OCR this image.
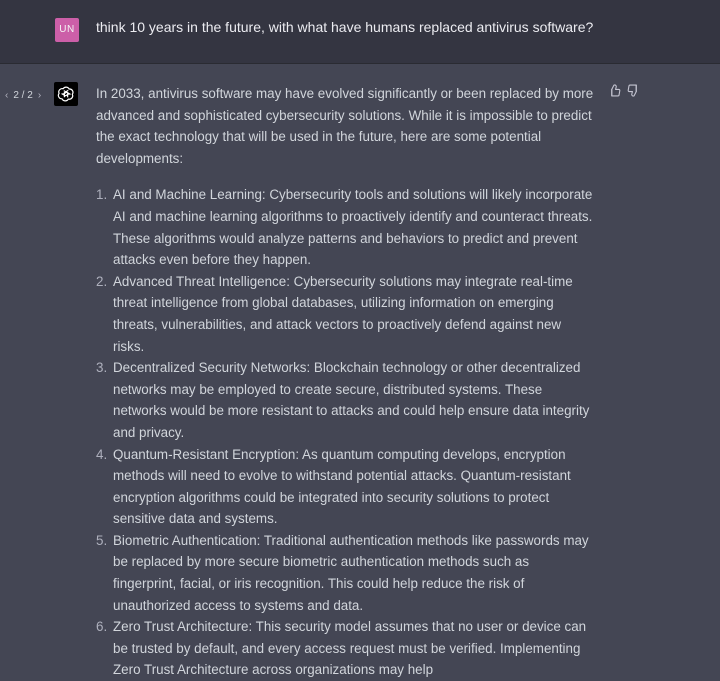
UN	think 10 years in the future, with what have humans replaced antivirus software?
‹ 2 / 2 ›	In 2033, antivirus software may have evolved significantly or been replaced by more advanced and sophisticated cybersecurity solutions. While it is impossible to predict the exact technology that will be used in the future, here are some potential developments:

1. AI and Machine Learning: Cybersecurity tools and solutions will likely incorporate AI and machine learning algorithms to proactively identify and counteract threats. These algorithms would analyze patterns and behaviors to predict and prevent attacks even before they happen.
2. Advanced Threat Intelligence: Cybersecurity solutions may integrate real-time threat intelligence from global databases, utilizing information on emerging threats, vulnerabilities, and attack vectors to proactively defend against new risks.
3. Decentralized Security Networks: Blockchain technology or other decentralized networks may be employed to create secure, distributed systems. These networks would be more resistant to attacks and could help ensure data integrity and privacy.
4. Quantum-Resistant Encryption: As quantum computing develops, encryption methods will need to evolve to withstand potential attacks. Quantum-resistant encryption algorithms could be integrated into security solutions to protect sensitive data and systems.
5. Biometric Authentication: Traditional authentication methods like passwords may be replaced by more secure biometric authentication methods such as fingerprint, facial, or iris recognition. This could help reduce the risk of unauthorized access to systems and data.
6. Zero Trust Architecture: This security model assumes that no user or device can be trusted by default, and every access request must be verified. Implementing Zero Trust Architecture across organizations may help
